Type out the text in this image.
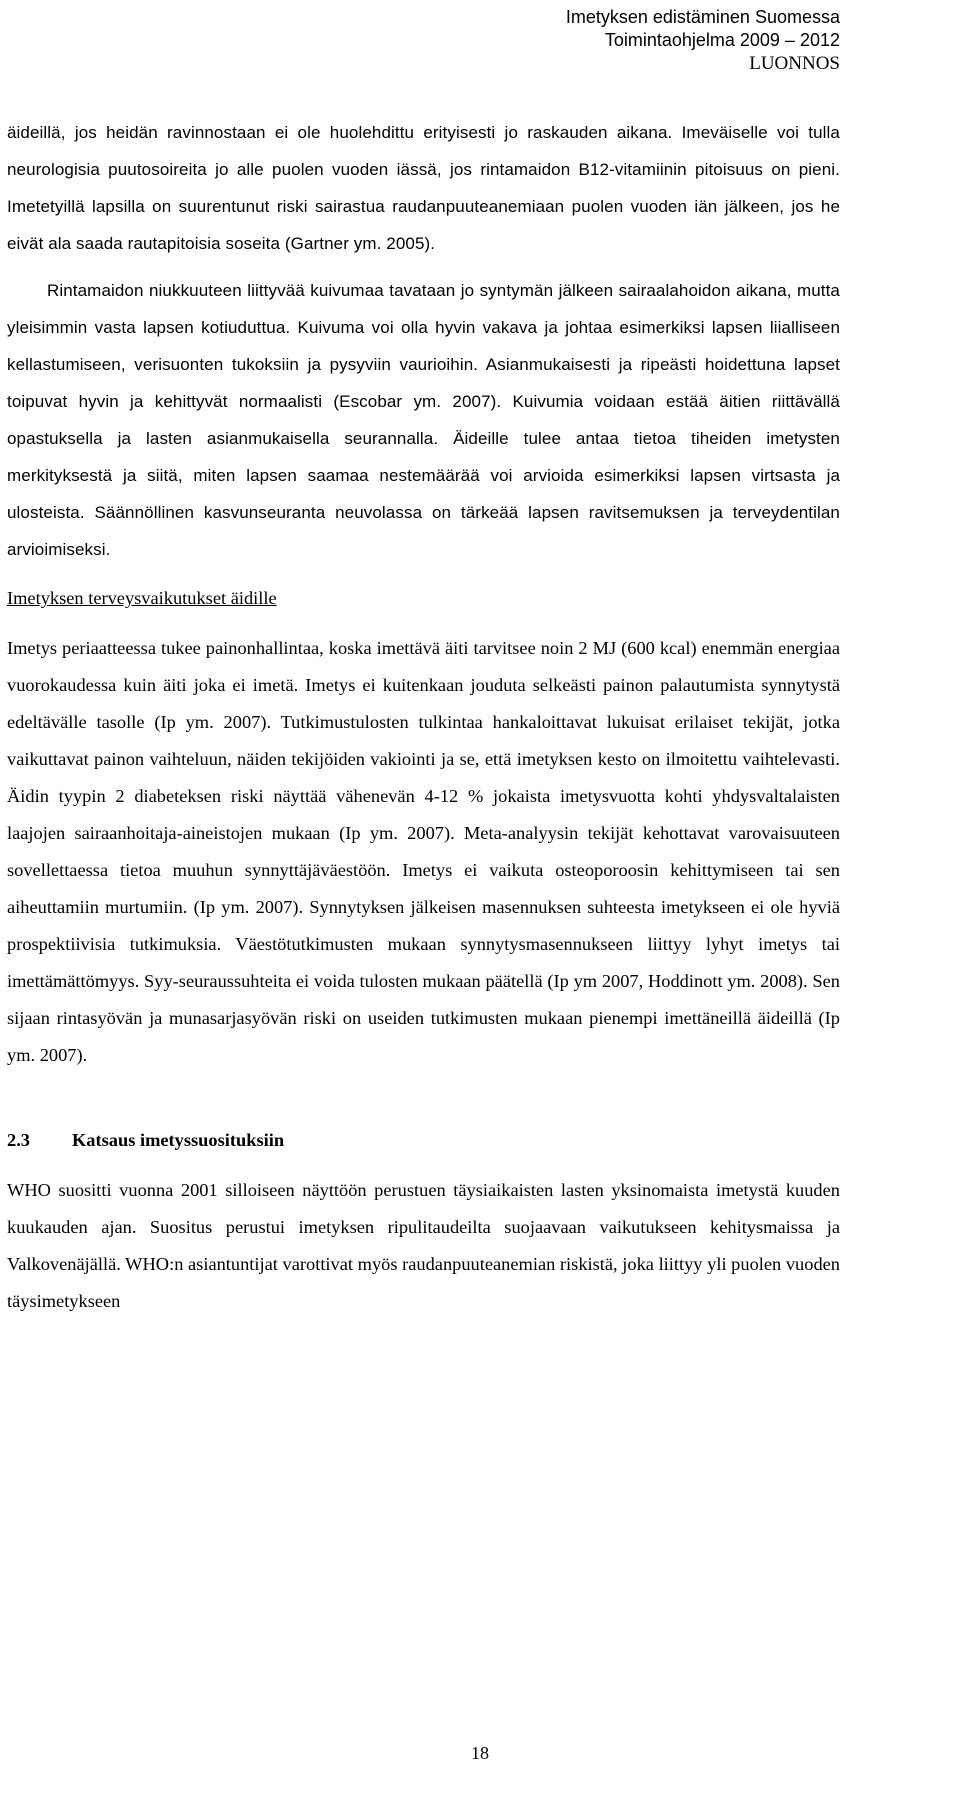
Imetyksen edistäminen Suomessa
Toimintaohjelma 2009 – 2012
LUONNOS

äideillä, jos heidän ravinnostaan ei ole huolehdittu erityisesti jo raskauden aikana. Imeväiselle voi tulla neurologisia puutosoireita jo alle puolen vuoden iässä, jos rintamaidon B12-vitamiinin pitoisuus on pieni. Imetetyillä lapsilla on suurentunut riski sairastua raudanpuuteanemiaan puolen vuoden iän jälkeen, jos he eivät ala saada rautapitoisia soseita (Gartner ym. 2005).

Rintamaidon niukkuuteen liittyvää kuivumaa tavataan jo syntymän jälkeen sairaalahoidon aikana, mutta yleisimmin vasta lapsen kotiuduttua. Kuivuma voi olla hyvin vakava ja johtaa esimerkiksi lapsen liialliseen kellastumiseen, verisuonten tukoksiin ja pysyviin vaurioihin. Asianmukaisesti ja ripeästi hoidettuna lapset toipuvat hyvin ja kehittyvät normaalisti (Escobar ym. 2007). Kuivumia voidaan estää äitien riittävällä opastuksella ja lasten asianmukaisella seurannalla. Äideille tulee antaa tietoa tiheiden imetysten merkityksestä ja siitä, miten lapsen saamaa nestemäärää voi arvioida esimerkiksi lapsen virtsasta ja ulosteista. Säännöllinen kasvunseuranta neuvolassa on tärkeää lapsen ravitsemuksen ja terveydentilan arvioimiseksi.

Imetyksen terveysvaikutukset äidille

Imetys periaatteessa tukee painonhallintaa, koska imettävä äiti tarvitsee noin 2 MJ (600 kcal) enemmän energiaa vuorokaudessa kuin äiti joka ei imetä. Imetys ei kuitenkaan jouduta selkeästi painon palautumista synnytystä edeltävälle tasolle (Ip ym. 2007). Tutkimustulosten tulkintaa hankaloittavat lukuisat erilaiset tekijät, jotka vaikuttavat painon vaihteluun, näiden tekijöiden vakiointi ja se, että imetyksen kesto on ilmoitettu vaihtelevasti. Äidin tyypin 2 diabeteksen riski näyttää vähenevän 4-12 % jokaista imetysvuotta kohti yhdysvaltalaisten laajojen sairaanhoitaja-aineistojen mukaan (Ip ym. 2007). Meta-analyysin tekijät kehottavat varovaisuuteen sovellettaessa tietoa muuhun synnyttäjäväestöön. Imetys ei vaikuta osteoporoosin kehittymiseen tai sen aiheuttamiin murtumiin. (Ip ym. 2007). Synnytyksen jälkeisen masennuksen suhteesta imetykseen ei ole hyviä prospektiivisia tutkimuksia. Väestötutkimusten mukaan synnytysmasennukseen liittyy lyhyt imetys tai imettämättömyys. Syy-seuraussuhteita ei voida tulosten mukaan päätellä (Ip ym 2007, Hoddinott ym. 2008). Sen sijaan rintasyövän ja munasarjasyövän riski on useiden tutkimusten mukaan pienempi imettäneillä äideillä (Ip ym. 2007).

2.3 Katsaus imetyssuosituksiin

WHO suositti vuonna 2001 silloiseen näyttöön perustuen täysiaikaisten lasten yksinomaista imetystä kuuden kuukauden ajan. Suositus perustui imetyksen ripulitaudeilta suojaavaan vaikutukseen kehitysmaissa ja Valkovenäjällä. WHO:n asiantuntijat varottivat myös raudanpuuteanemian riskistä, joka liittyy yli puolen vuoden täysimetykseen

18
